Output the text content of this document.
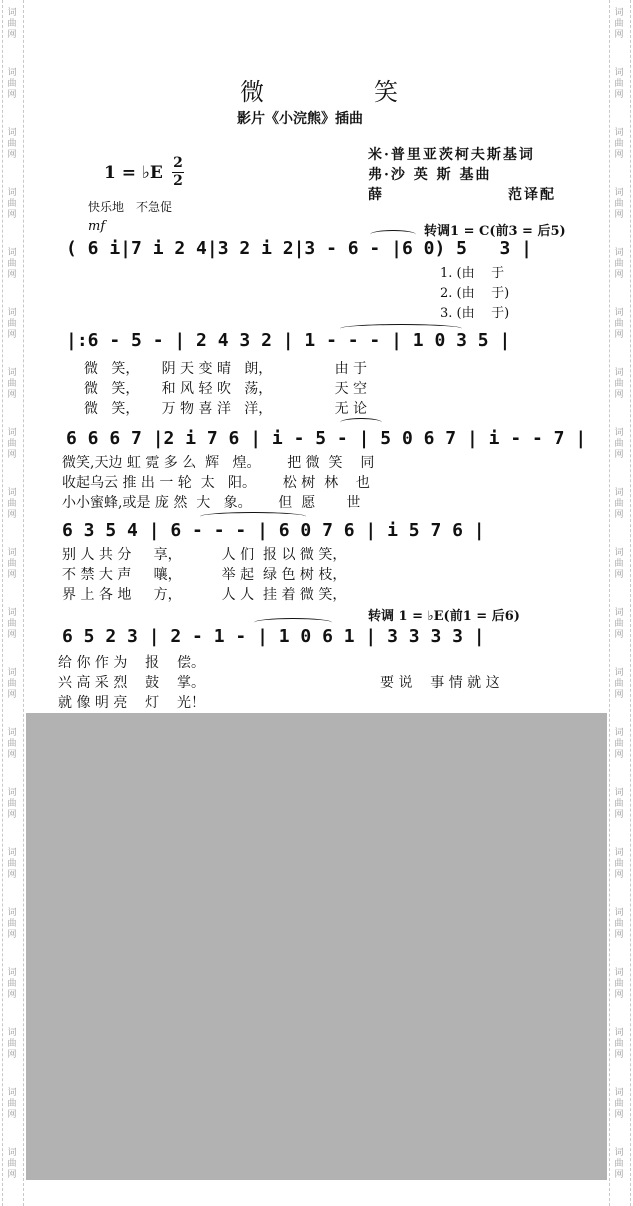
词
曲
网
词
曲
网
词
曲
网
词
曲
网
词
曲
网
词
曲
网
词
曲
网
词
曲
网
词
曲
网
词
曲
网
词
曲
网
词
曲
网
词
曲
网
词
曲
网
词
曲
网
词
曲
网
词
曲
网
词
曲
网
词
曲
网
词
曲
网
词
曲
网
词
曲
网
词
曲
网
词
曲
网
词
曲
网
词
曲
网
词
曲
网
词
曲
网
词
曲
网
词
曲
网
词
曲
网
词
曲
网
词
曲
网
词
曲
网
词
曲
网
词
曲
网
词
曲
网
词
曲
网
词
曲
网
词
曲
网
微	笑
影片《小浣熊》插曲
米·普里亚茨柯夫斯基词
弗·沙 英 斯 基曲
薛	范译配
1 = ♭E 2
2
快乐地　不急促
mf	转调1 = C(前3 = 后5)
( 6 i|7 i 2 4|3 2 i 2|3 - 6 - |6 0) 5   3 |
1. (由    于
2. (由    于)
3. (由    于)
|:6 - 5 - | 2 4 3 2 | 1 - - - | 1 0 3 5 |
微   笑，     阴 天 变 晴   朗，              由 于
微   笑，     和 风 轻 吹   荡，              天 空
微   笑，     万 物 喜 洋   洋，              无 论
6 6 6 7 |2 i 7 6 | i - 5 - | 5 0 6 7 | i - - 7 |
微笑,天边 虹 霓 多 么  辉   煌。      把 微  笑    同
收起乌云 推 出 一 轮  太   阳。      松 树  林    也
小小蜜蜂,或是 庞 然  大   象。      但  愿       世
6 3 5 4 | 6 - - - | 6 0 7 6 | i 5 7 6 |
别 人 共 分     享，         人 们  报 以 微 笑，
不 禁 大 声     嚷，         举 起  绿 色 树 枝，
界 上 各 地     方，         人 人  挂 着 微 笑，
转调 1 = ♭E(前1 = 后6)
6 5 2 3 | 2 - 1 - | 1 0 6 1 | 3 3 3 3 |
给 你 作 为    报    偿。
兴 高 采 烈    鼓    掌。
就 像 明 亮    灯    光！
要 说    事 情 就 这
